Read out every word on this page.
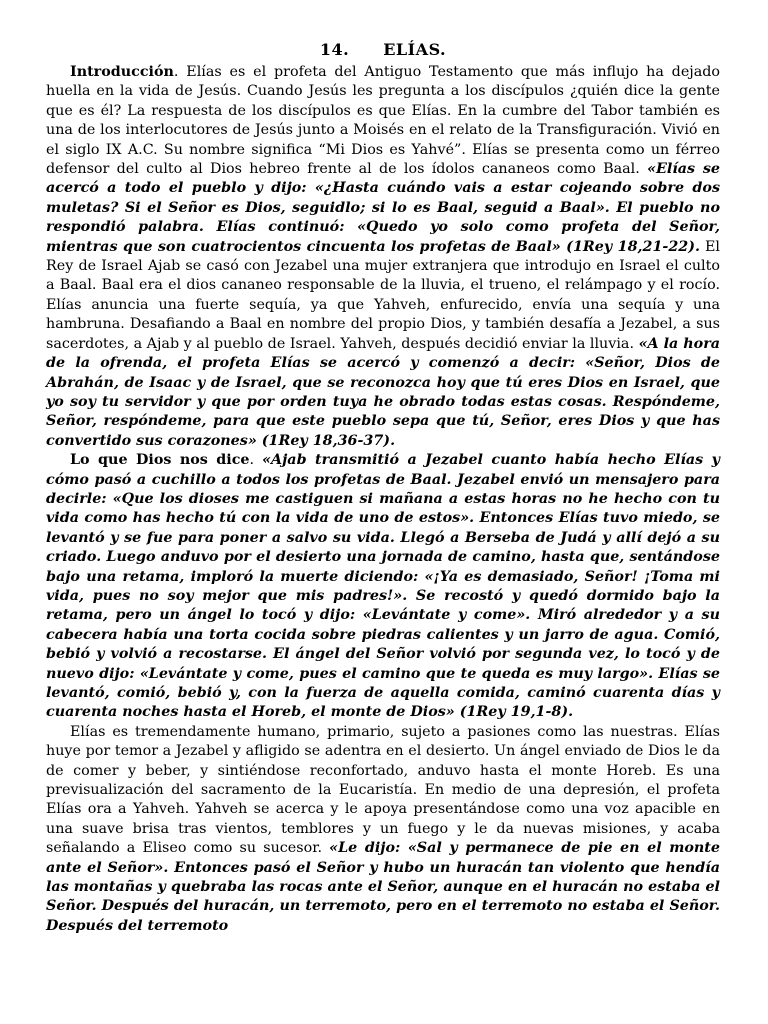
14. ELÍAS.

Introducción. Elías es el profeta del Antiguo Testamento que más influjo ha dejado huella en la vida de Jesús. Cuando Jesús les pregunta a los discípulos ¿quién dice la gente que es él? La respuesta de los discípulos es que Elías. En la cumbre del Tabor también es una de los interlocutores de Jesús junto a Moisés en el relato de la Transfiguración. Vivió en el siglo IX A.C. Su nombre significa “Mi Dios es Yahvé”. Elías se presenta como un férreo defensor del culto al Dios hebreo frente al de los ídolos cananeos como Baal. «Elías se acercó a todo el pueblo y dijo: «¿Hasta cuándo vais a estar cojeando sobre dos muletas? Si el Señor es Dios, seguidlo; si lo es Baal, seguid a Baal». El pueblo no respondió palabra. Elías continuó: «Quedo yo solo como profeta del Señor, mientras que son cuatrocientos cincuenta los profetas de Baal» (1Rey 18,21-22). El Rey de Israel Ajab se casó con Jezabel una mujer extranjera que introdujo en Israel el culto a Baal. Baal era el dios cananeo responsable de la lluvia, el trueno, el relámpago y el rocío. Elías anuncia una fuerte sequía, ya que Yahveh, enfurecido, envía una sequía y una hambruna. Desafiando a Baal en nombre del propio Dios, y también desafía a Jezabel, a sus sacerdotes, a Ajab y al pueblo de Israel. Yahveh, después decidió enviar la lluvia. «A la hora de la ofrenda, el profeta Elías se acercó y comenzó a decir: «Señor, Dios de Abrahán, de Isaac y de Israel, que se reconozca hoy que tú eres Dios en Israel, que yo soy tu servidor y que por orden tuya he obrado todas estas cosas. Respóndeme, Señor, respóndeme, para que este pueblo sepa que tú, Señor, eres Dios y que has convertido sus corazones» (1Rey 18,36-37).

Lo que Dios nos dice. «Ajab transmitió a Jezabel cuanto había hecho Elías y cómo pasó a cuchillo a todos los profetas de Baal. Jezabel envió un mensajero para decirle: «Que los dioses me castiguen si mañana a estas horas no he hecho con tu vida como has hecho tú con la vida de uno de estos». Entonces Elías tuvo miedo, se levantó y se fue para poner a salvo su vida. Llegó a Berseba de Judá y allí dejó a su criado. Luego anduvo por el desierto una jornada de camino, hasta que, sentándose bajo una retama, imploró la muerte diciendo: «¡Ya es demasiado, Señor! ¡Toma mi vida, pues no soy mejor que mis padres!». Se recostó y quedó dormido bajo la retama, pero un ángel lo tocó y dijo: «Levántate y come». Miró alrededor y a su cabecera había una torta cocida sobre piedras calientes y un jarro de agua. Comió, bebió y volvió a recostarse. El ángel del Señor volvió por segunda vez, lo tocó y de nuevo dijo: «Levántate y come, pues el camino que te queda es muy largo». Elías se levantó, comió, bebió y, con la fuerza de aquella comida, caminó cuarenta días y cuarenta noches hasta el Horeb, el monte de Dios» (1Rey 19,1-8).

Elías es tremendamente humano, primario, sujeto a pasiones como las nuestras. Elías huye por temor a Jezabel y afligido se adentra en el desierto. Un ángel enviado de Dios le da de comer y beber, y sintiéndose reconfortado, anduvo hasta el monte Horeb. Es una previsualización del sacramento de la Eucaristía. En medio de una depresión, el profeta Elías ora a Yahveh. Yahveh se acerca y le apoya presentándose como una voz apacible en una suave brisa tras vientos, temblores y un fuego y le da nuevas misiones, y acaba señalando a Eliseo como su sucesor. «Le dijo: «Sal y permanece de pie en el monte ante el Señor». Entonces pasó el Señor y hubo un huracán tan violento que hendía las montañas y quebraba las rocas ante el Señor, aunque en el huracán no estaba el Señor. Después del huracán, un terremoto, pero en el terremoto no estaba el Señor. Después del terremoto
